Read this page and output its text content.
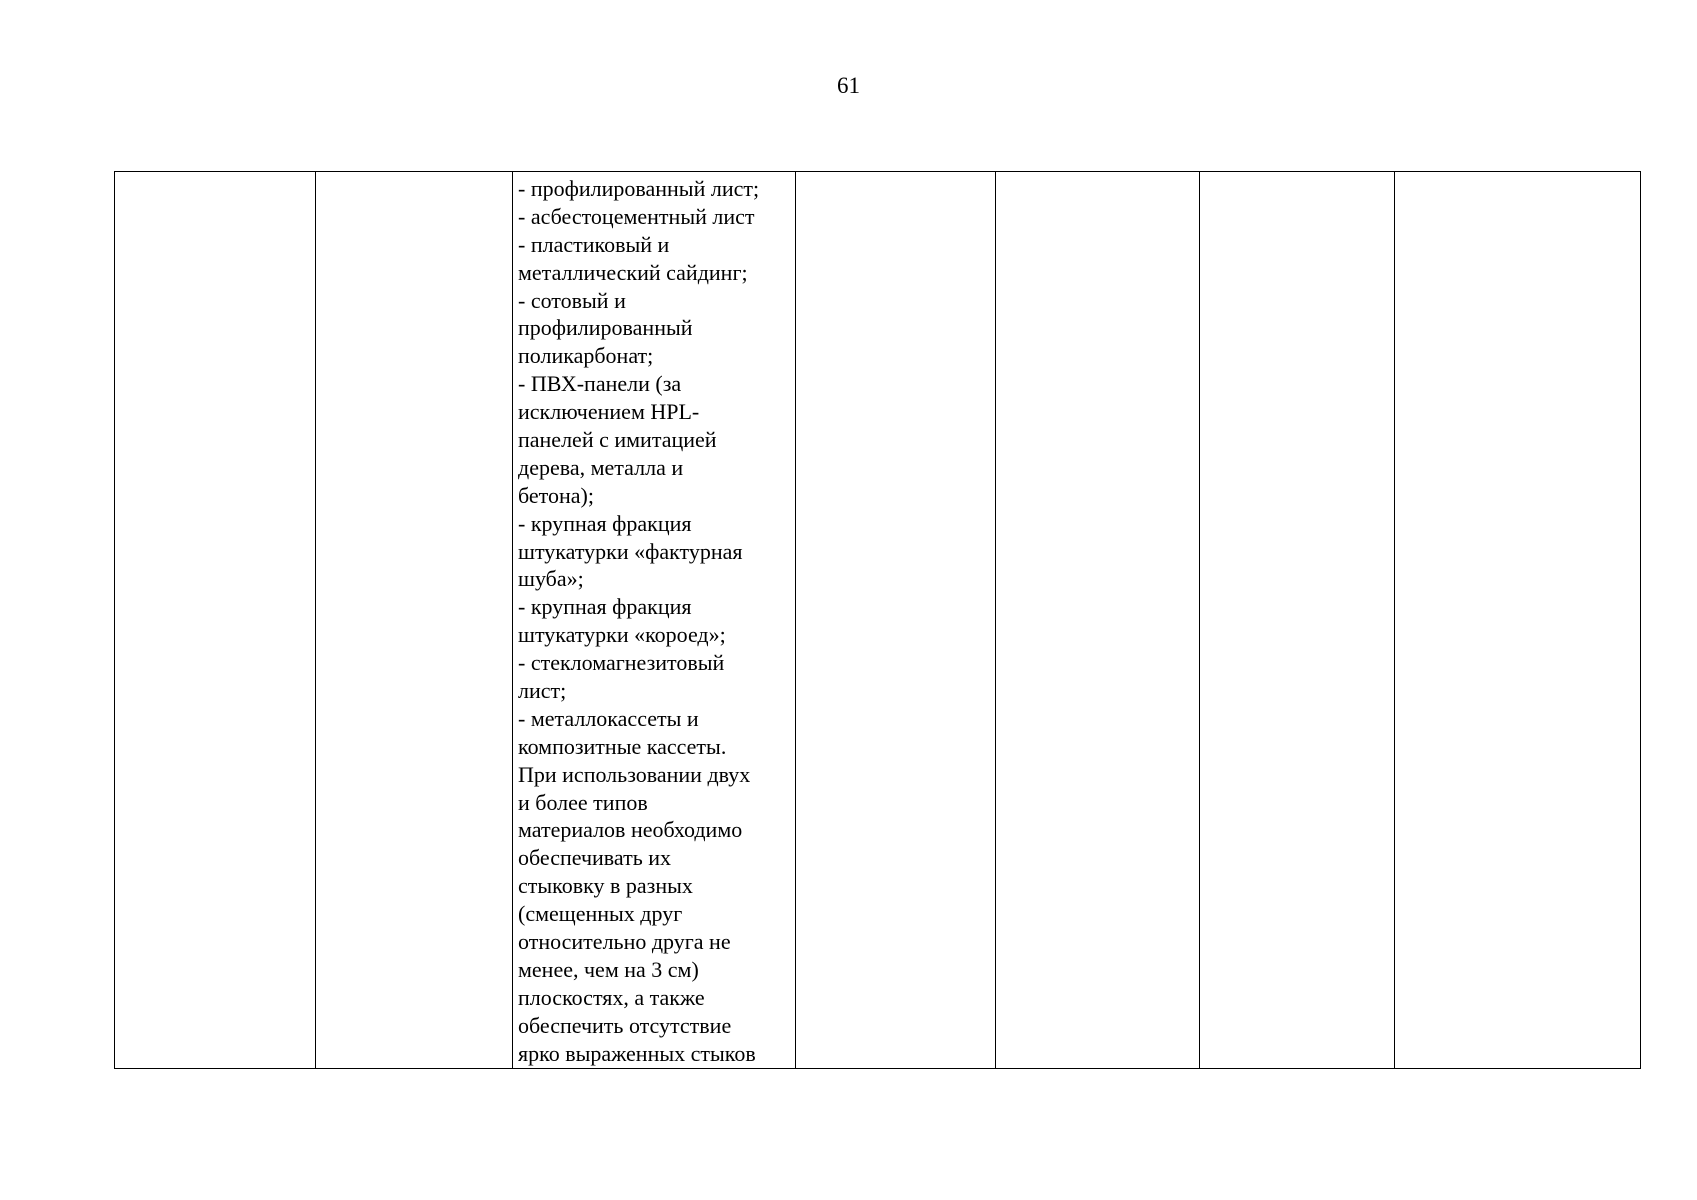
61

- профилированный лист;
- асбестоцементный лист
- пластиковый и
металлический сайдинг;
- сотовый и
профилированный
поликарбонат;
- ПВХ-панели (за
исключением HPL-
панелей с имитацией
дерева, металла и
бетона);
- крупная фракция
штукатурки «фактурная
шуба»;
- крупная фракция
штукатурки «короед»;
- стекломагнезитовый
лист;
- металлокассеты и
композитные кассеты.
При использовании двух
и более типов
материалов необходимо
обеспечивать их
стыковку в разных
(смещенных друг
относительно друга не
менее, чем на 3 см)
плоскостях, а также
обеспечить отсутствие
ярко выраженных стыков
